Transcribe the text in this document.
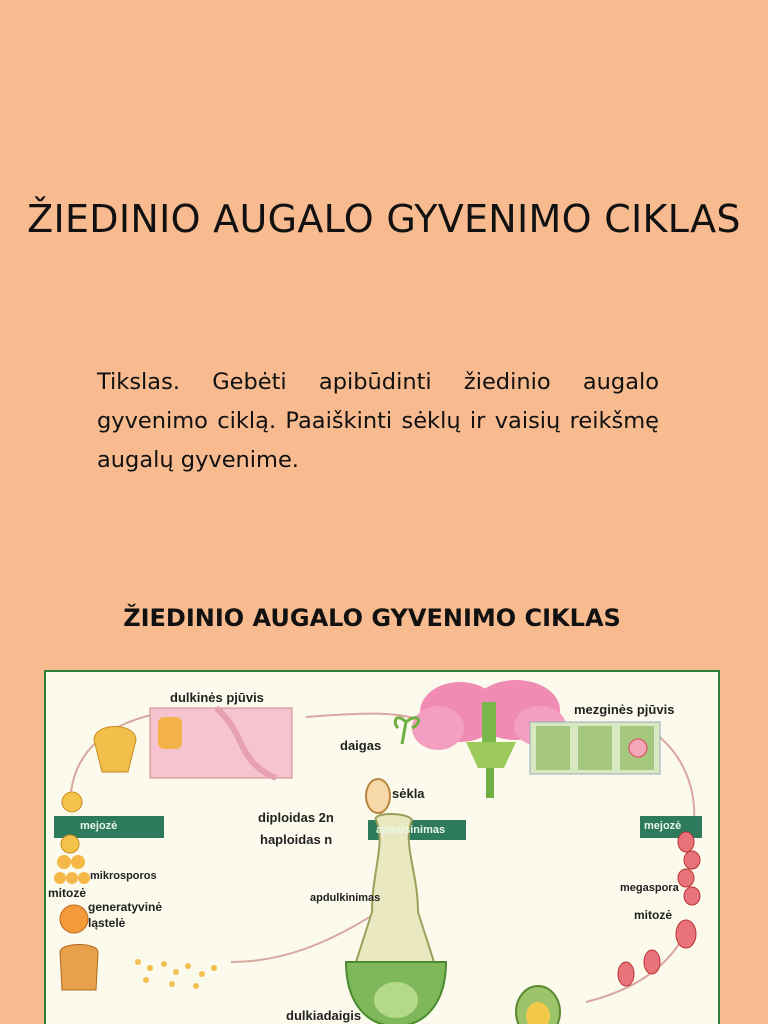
ŽIEDINIO AUGALO GYVENIMO CIKLAS

Tikslas. Gebėti apibūdinti žiedinio augalo gyvenimo ciklą. Paaiškinti sėklų ir vaisių reikšmę augalų gyvenime.

ŽIEDINIO AUGALO GYVENIMO CIKLAS
dulkinės pjūvis
mezginės pjūvis
daigas
sėkla
diploidas 2n
haploidas n
mejozė	apvaisinimas	mejozė
mikrosporos
mitozė
generatyvinė
ląstelė
apdulkinimas
megaspora
mitozė
dulkiadaigis
